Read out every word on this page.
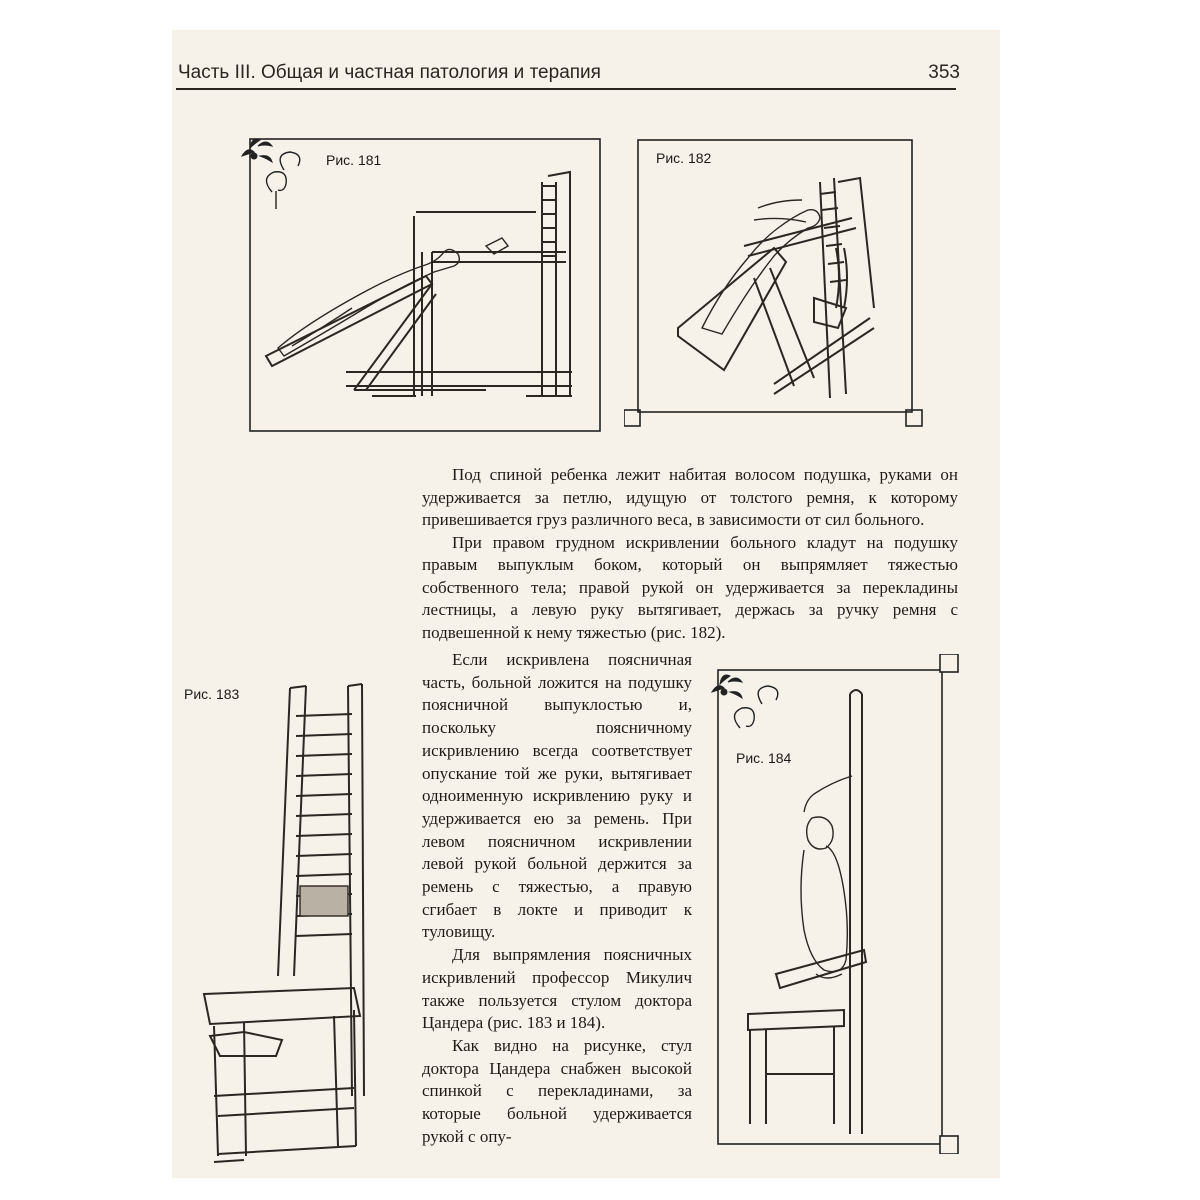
Часть III. Общая и частная патология и терапия	353
Рис. 181	Рис. 182

Под спиной ребенка лежит набитая волосом подушка, руками он удерживается за петлю, идущую от толстого ремня, к которому привешивается груз различного веса, в зависимости от сил больного.

При правом грудном искривлении больного кладут на подушку правым выпуклым боком, который он выпрямляет тяжестью собственного тела; правой рукой он удерживается за перекладины лестницы, а левую руку вытягивает, держась за ручку ремня с подвешенной к нему тяжестью (рис. 182).

Рис. 183

Если искривлена поясничная часть, больной ложится на подушку поясничной выпуклостью и, поскольку поясничному искривлению всегда соответствует опускание той же руки, вытягивает одноименную искривлению руку и удерживается ею за ремень. При левом поясничном искривлении левой рукой больной держится за ремень с тяжестью, а правую сгибает в локте и приводит к туловищу.

Для выпрямления поясничных искривлений профессор Микулич также пользуется стулом доктора Цандера (рис. 183 и 184).

Как видно на рисунке, стул доктора Цандера снабжен высокой спинкой с перекладинами, за которые больной удерживается рукой с опу-

Рис. 184
